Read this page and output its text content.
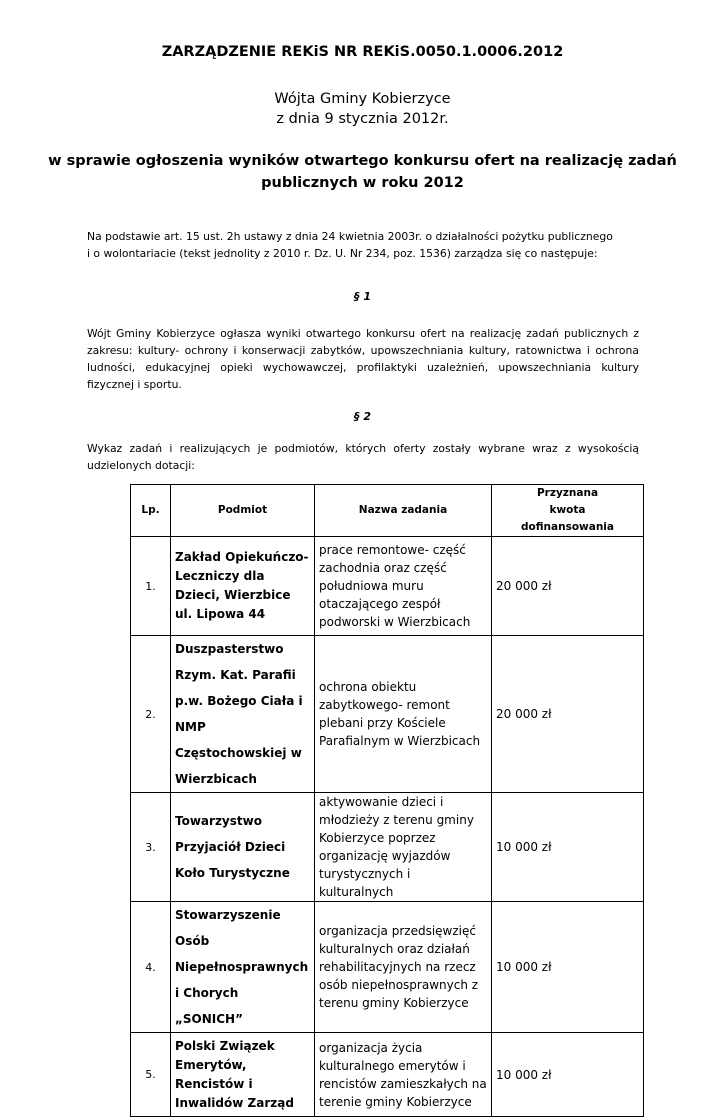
ZARZĄDZENIE REKiS NR REKiS.0050.1.0006.2012
Wójta Gminy Kobierzyce
z dnia 9 stycznia 2012r.
w sprawie ogłoszenia wyników otwartego konkursu ofert na realizację zadań
publicznych w roku 2012
Na podstawie art. 15 ust. 2h ustawy z dnia 24 kwietnia 2003r. o działalności pożytku publicznego
i o wolontariacie (tekst jednolity z 2010 r. Dz. U. Nr 234, poz. 1536) zarządza się co następuje:
§ 1
Wójt Gminy Kobierzyce ogłasza wyniki otwartego konkursu ofert na realizację zadań publicznych z zakresu: kultury- ochrony i konserwacji zabytków, upowszechniania kultury, ratownictwa i ochrona ludności, edukacyjnej opieki wychowawczej, profilaktyki uzależnień, upowszechniania kultury fizycznej i sportu.
§ 2
Wykaz zadań i realizujących je podmiotów, których oferty zostały wybrane wraz z wysokością udzielonych dotacji:
Lp.	Podmiot	Nazwa zadania	Przyznana
kwota
dofinansowania

1.	Zakład Opiekuńczo-Leczniczy dla Dzieci, Wierzbice ul. Lipowa 44	prace remontowe- część zachodnia oraz część południowa muru otaczającego zespół podworski w Wierzbicach	20 000 zł
2.	Duszpasterstwo Rzym. Kat. Parafii p.w. Bożego Ciała i NMP Częstochowskiej w Wierzbicach	ochrona obiektu zabytkowego- remont plebani przy Kościele Parafialnym w Wierzbicach	20 000 zł
3.	Towarzystwo Przyjaciół Dzieci Koło Turystyczne	aktywowanie dzieci i młodzieży z terenu gminy Kobierzyce poprzez organizację wyjazdów turystycznych i kulturalnych	10 000 zł
4.	Stowarzyszenie Osób Niepełnosprawnych i Chorych „SONICH”	organizacja przedsięwzięć kulturalnych oraz działań rehabilitacyjnych na rzecz osób niepełnosprawnych z terenu gminy Kobierzyce	10 000 zł
5.	Polski Związek Emerytów, Rencistów i Inwalidów Zarząd	organizacja życia kulturalnego emerytów i rencistów zamieszkałych na terenie gminy Kobierzyce	10 000 zł
